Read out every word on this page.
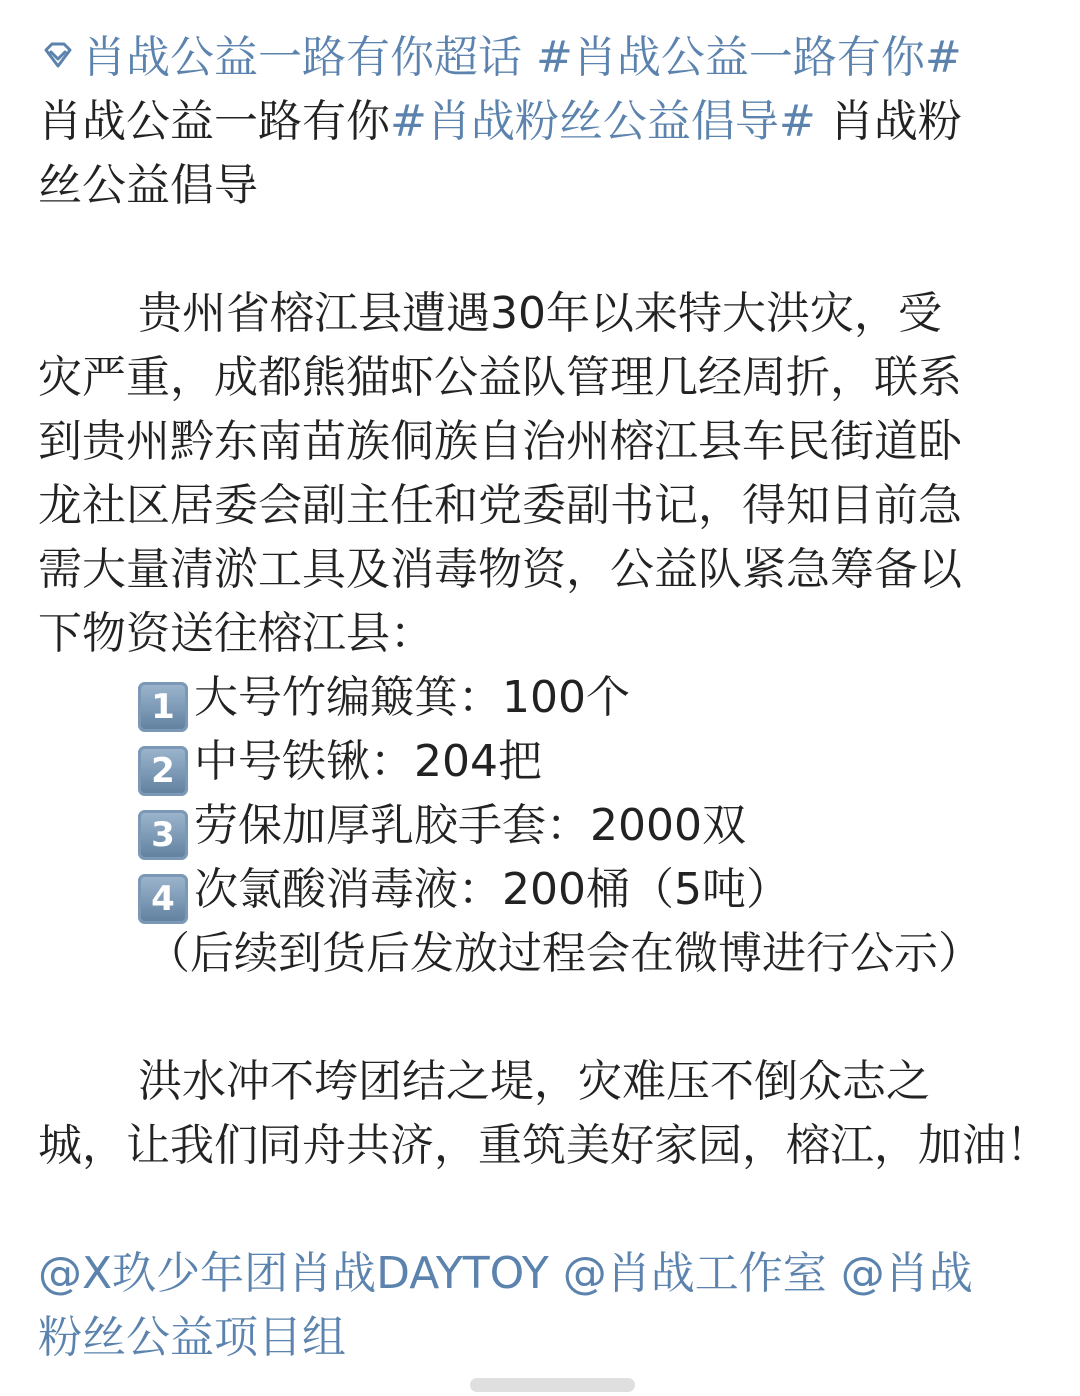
肖战公益一路有你超话 #肖战公益一路有你#
肖战公益一路有你#肖战粉丝公益倡导# 肖战粉
丝公益倡导
贵州省榕江县遭遇30年以来特大洪灾，受
灾严重，成都熊猫虾公益队管理几经周折，联系
到贵州黔东南苗族侗族自治州榕江县车民街道卧
龙社区居委会副主任和党委副书记，得知目前急
需大量清淤工具及消毒物资，公益队紧急筹备以
下物资送往榕江县：
1 大号竹编簸箕：100个
2 中号铁锹：204把
3 劳保加厚乳胶手套：2000双
4 次氯酸消毒液：200桶（5吨）
（后续到货后发放过程会在微博进行公示）
洪水冲不垮团结之堤，灾难压不倒众志之
城，让我们同舟共济，重筑美好家园，榕江，加油！
@X玖少年团肖战DAYTOY @肖战工作室 @肖战
粉丝公益项目组
